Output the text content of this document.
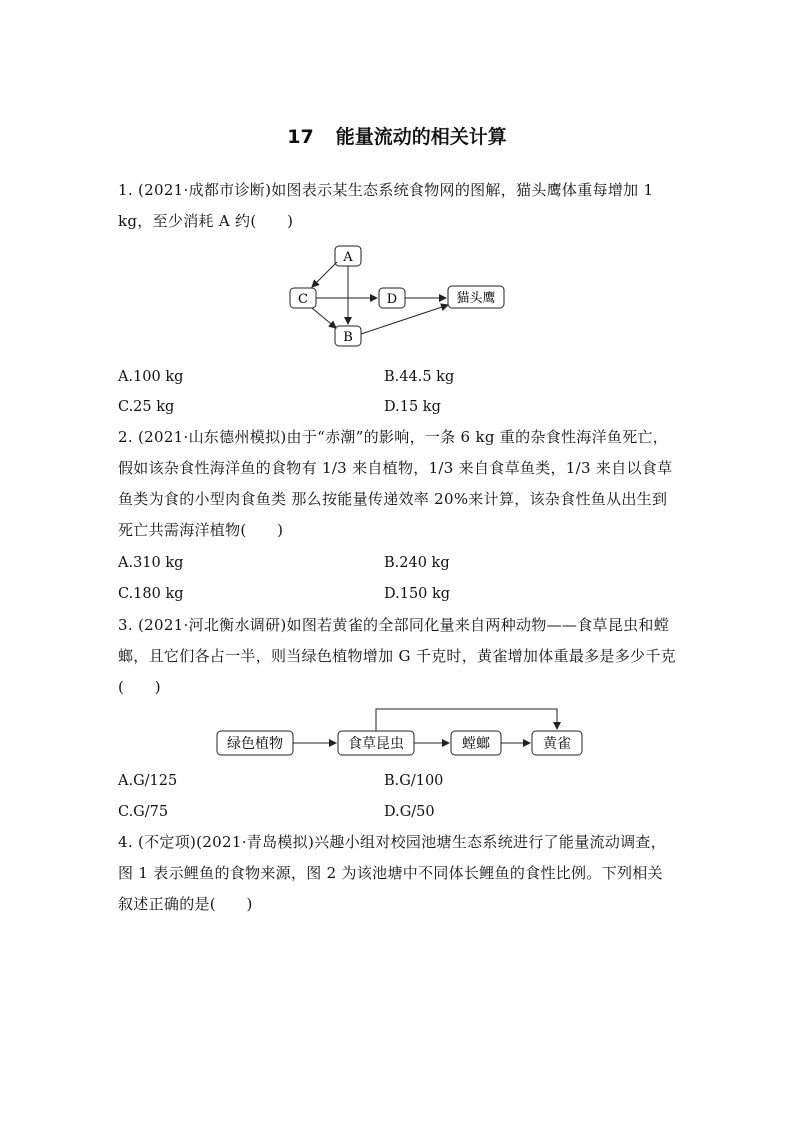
17 能量流动的相关计算

1. (2021·成都市诊断)如图表示某生态系统食物网的图解，猫头鹰体重每增加 1 kg，至少消耗 A 约(　　)

A
C	D	猫头鹰
B
A.100 kg	B.44.5 kg
C.25 kg	D.15 kg

2. (2021·山东德州模拟)由于“赤潮”的影响，一条 6 kg 重的杂食性海洋鱼死亡，假如该杂食性海洋鱼的食物有 1/3 来自植物，1/3 来自食草鱼类，1/3 来自以食草鱼类为食的小型肉食鱼类 那么按能量传递效率 20%来计算，该杂食性鱼从出生到死亡共需海洋植物(　　)

A.310 kg	B.240 kg
C.180 kg	D.150 kg

3. (2021·河北衡水调研)如图若黄雀的全部同化量来自两种动物——食草昆虫和螳螂，且它们各占一半，则当绿色植物增加 G 千克时，黄雀增加体重最多是多少千克(　　)

绿色植物	食草昆虫	螳螂	黄雀
A.G/125	B.G/100
C.G/75	D.G/50

4. (不定项)(2021·青岛模拟)兴趣小组对校园池塘生态系统进行了能量流动调查，图 1 表示鲤鱼的食物来源，图 2 为该池塘中不同体长鲤鱼的食性比例。下列相关叙述正确的是(　　)
